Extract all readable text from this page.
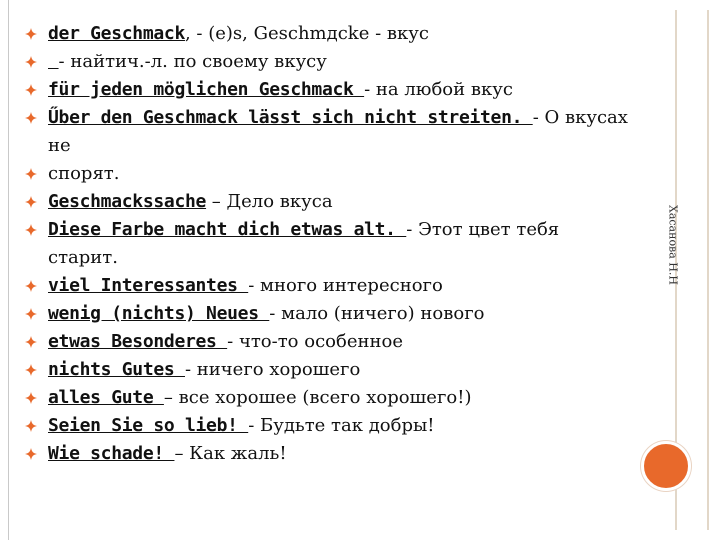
Хасанова Н.Н
der Geschmack, - (e)s, Geschmдcke - вкус
- найтич.-л. по своему вкусу
für jeden möglichen Geschmack - на любой вкус
Űber den Geschmack lässt sich nicht streiten. - О вкусах не
спорят.
Geschmackssache – Дело вкуса
Diese Farbe macht dich etwas alt. - Этот цвет тебя старит.
viel Interessantes - много интересного
wenig (nichts) Neues - мало (ничего) нового
etwas Besonderes - что-то особенное
nichts Gutes - ничего хорошего
alles Gute – все хорошее (всего хорошего!)
Seien Sie so lieb! - Будьте так добры!
Wie schade! – Как жаль!
